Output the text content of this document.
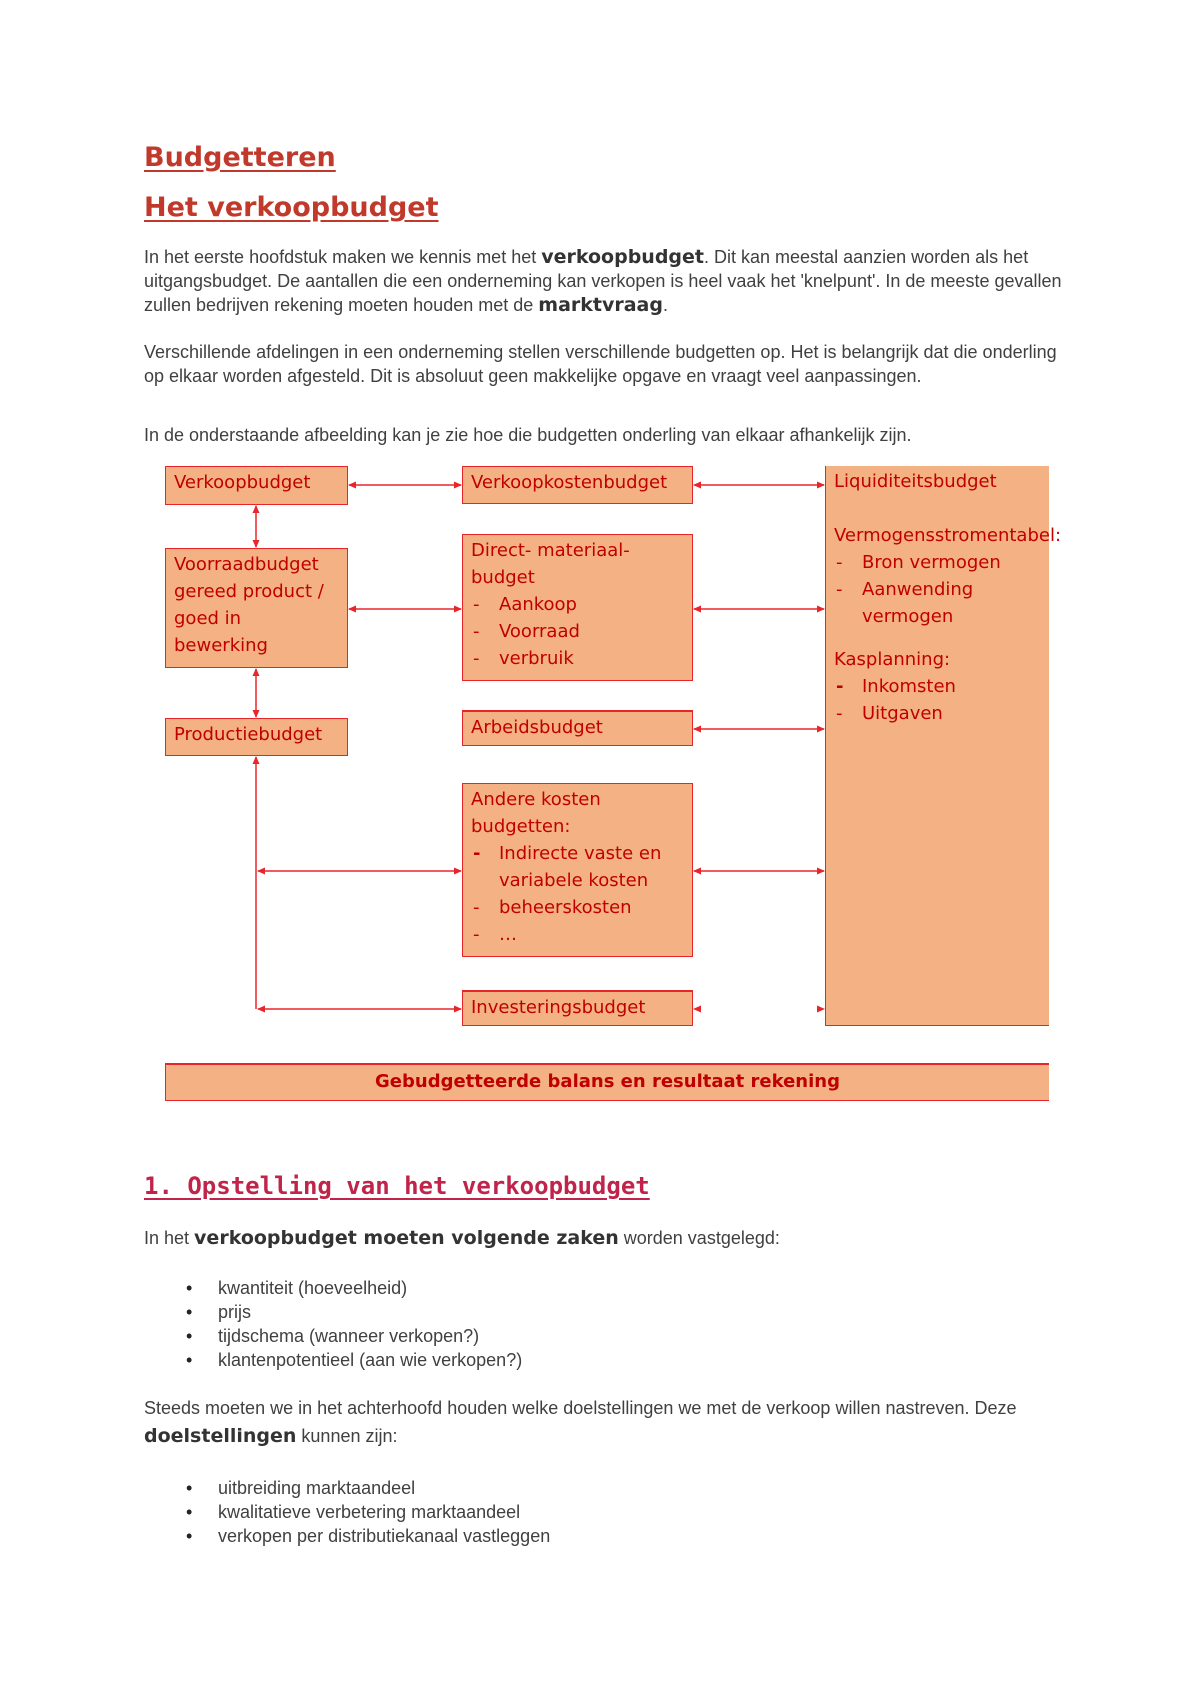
Budgetteren
Het verkoopbudget

In het eerste hoofdstuk maken we kennis met het verkoopbudget. Dit kan meestal aanzien worden als het uitgangsbudget. De aantallen die een onderneming kan verkopen is heel vaak het 'knelpunt'. In de meeste gevallen zullen bedrijven rekening moeten houden met de marktvraag.

Verschillende afdelingen in een onderneming stellen verschillende budgetten op. Het is belangrijk dat die onderling op elkaar worden afgesteld. Dit is absoluut geen makkelijke opgave en vraagt veel aanpassingen.

In de onderstaande afbeelding kan je zie hoe die budgetten onderling van elkaar afhankelijk zijn.

Verkoopbudget
Voorraadbudget
gereed product /
goed in
bewerking
Productiebudget
Verkoopkostenbudget
Direct- materiaal-
budget
- Aankoop
- Voorraad
- verbruik
Arbeidsbudget
Andere kosten
budgetten:
- Indirecte vaste en variabele kosten
- beheerskosten
- …
Investeringsbudget
Liquiditeitsbudget
Vermogensstromentabel:
- Bron vermogen
- Aanwending vermogen
Kasplanning:
- Inkomsten
- Uitgaven
Gebudgetteerde balans en resultaat rekening
1. Opstelling van het verkoopbudget

In het verkoopbudget moeten volgende zaken worden vastgelegd:

• kwantiteit (hoeveelheid)
• prijs
• tijdschema (wanneer verkopen?)
• klantenpotentieel (aan wie verkopen?)

Steeds moeten we in het achterhoofd houden welke doelstellingen we met de verkoop willen nastreven. Deze doelstellingen kunnen zijn:

• uitbreiding marktaandeel
• kwalitatieve verbetering marktaandeel
• verkopen per distributiekanaal vastleggen
